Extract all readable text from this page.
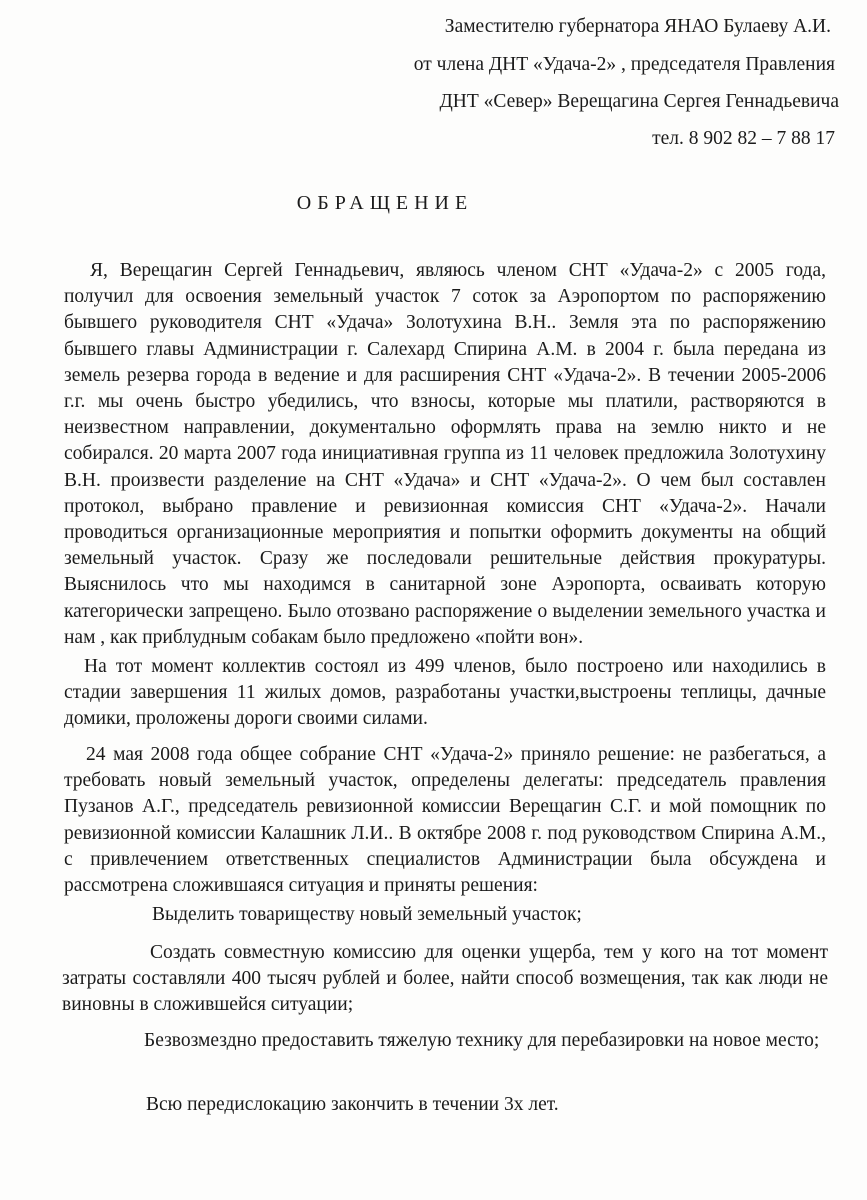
Заместителю губернатора ЯНАО Булаеву А.И.
от члена ДНТ «Удача-2» , председателя Правления
ДНТ «Север» Верещагина Сергея Геннадьевича
тел. 8 902 82 – 7 88 17
ОБРАЩЕНИЕ

Я, Верещагин Сергей Геннадьевич, являюсь членом СНТ «Удача-2» с 2005 года, получил для освоения земельный участок 7 соток за Аэропортом по распоряжению бывшего руководителя СНТ «Удача» Золотухина В.Н.. Земля эта по распоряжению бывшего главы Администрации г. Салехард Спирина А.М. в 2004 г. была передана из земель резерва города в ведение и для расширения СНТ «Удача-2». В течении 2005-2006 г.г. мы очень быстро убедились, что взносы, которые мы платили, растворяются в неизвестном направлении, документально оформлять права на землю никто и не собирался. 20 марта 2007 года инициативная группа из 11 человек предложила Золотухину В.Н. произвести разделение на СНТ «Удача» и СНТ «Удача-2». О чем был составлен протокол, выбрано правление и ревизионная комиссия СНТ «Удача-2». Начали проводиться организационные мероприятия и попытки оформить документы на общий земельный участок. Сразу же последовали решительные действия прокуратуры. Выяснилось что мы находимся в санитарной зоне Аэропорта, осваивать которую категорически запрещено. Было отозвано распоряжение о выделении земельного участка и нам , как приблудным собакам было предложено «пойти вон».

На тот момент коллектив состоял из 499 членов, было построено или находились в стадии завершения 11 жилых домов, разработаны участки,выстроены теплицы, дачные домики, проложены дороги своими силами.

24 мая 2008 года общее собрание СНТ «Удача-2» приняло решение: не разбегаться, а требовать новый земельный участок, определены делегаты: председатель правления Пузанов А.Г., председатель ревизионной комиссии Верещагин С.Г. и мой помощник по ревизионной комиссии Калашник Л.И.. В октябре 2008 г. под руководством Спирина А.М., с привлечением ответственных специалистов Администрации была обсуждена и рассмотрена сложившаяся ситуация и приняты решения:

Выделить товариществу новый земельный участок;

Создать совместную комиссию для оценки ущерба, тем у кого на тот момент затраты составляли 400 тысяч рублей и более, найти способ возмещения, так как люди не виновны в сложившейся ситуации;

Безвозмездно предоставить тяжелую технику для перебазировки на новое место;

Всю передислокацию закончить в течении 3х лет.
